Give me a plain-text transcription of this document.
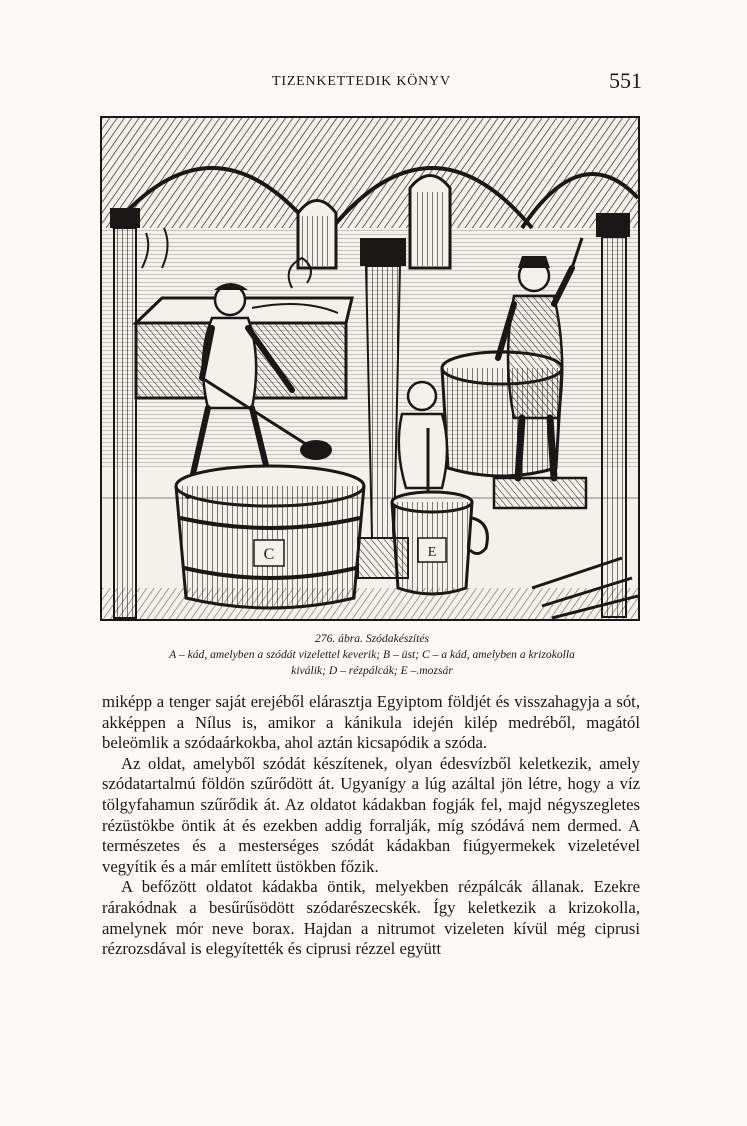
TIZENKETTEDIK KÖNYV	551
C	E
276. ábra. Szódakészítés
A – kád, amelyben a szódát vizelettel keverik; B – üst; C – a kád, amelyben a krizokolla
kiválik; D – rézpálcák; E –.mozsár

miképp a tenger saját erejéből elárasztja Egyiptom földjét és visszahagyja a sót, akképpen a Nílus is, amikor a kánikula idején kilép medréből, magától beleömlik a szódaárkokba, ahol aztán kicsapódik a szóda.

Az oldat, amelyből szódát készítenek, olyan édesvízből keletkezik, amely szódatartalmú földön szűrődött át. Ugyanígy a lúg azáltal jön létre, hogy a víz tölgyfahamun szűrődik át. Az oldatot kádakban fogják fel, majd négyszegletes rézüstökbe öntik át és ezekben addig forralják, míg szódává nem dermed. A természetes és a mesterséges szódát kádakban fiúgyermekek vizeletével vegyítik és a már említett üstökben főzik.

A befőzött oldatot kádakba öntik, melyekben rézpálcák állanak. Ezekre rárakódnak a besűrűsödött szódarészecskék. Így keletkezik a krizokolla, amelynek mór neve borax. Hajdan a nitrumot vizeleten kívül még ciprusi rézrozsdával is elegyítették és ciprusi rézzel együtt
